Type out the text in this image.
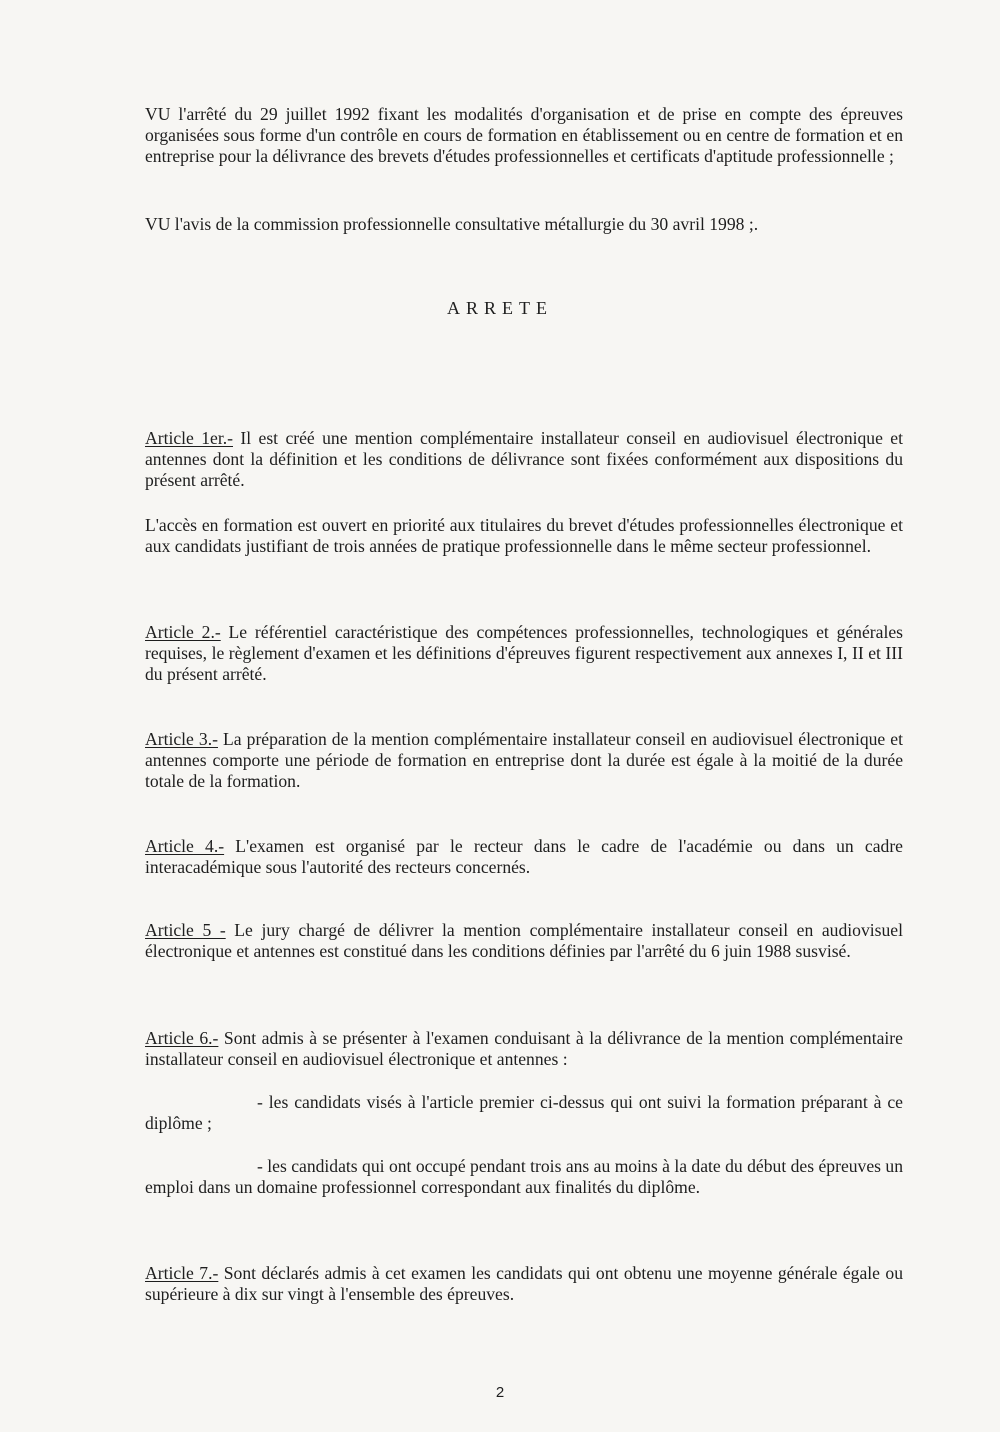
VU l'arrêté du 29 juillet 1992 fixant les modalités d'organisation et de prise en compte des épreuves organisées sous forme d'un contrôle en cours de formation en établissement ou en centre de formation et en entreprise pour la délivrance des brevets d'études professionnelles et certificats d'aptitude professionnelle ;

VU l'avis de la commission professionnelle consultative métallurgie du 30 avril 1998 ;.

ARRETE

Article 1er.- Il est créé une mention complémentaire installateur conseil en audiovisuel électronique et antennes dont la définition et les conditions de délivrance sont fixées conformément aux dispositions du présent arrêté.

L'accès en formation est ouvert en priorité aux titulaires du brevet d'études professionnelles électronique et aux candidats justifiant de trois années de pratique professionnelle dans le même secteur professionnel.

Article 2.- Le référentiel caractéristique des compétences professionnelles, technologiques et générales requises, le règlement d'examen et les définitions d'épreuves figurent respectivement aux annexes I, II et III du présent arrêté.

Article 3.- La préparation de la mention complémentaire installateur conseil en audiovisuel électronique et antennes comporte une période de formation en entreprise dont la durée est égale à la moitié de la durée totale de la formation.

Article 4.- L'examen est organisé par le recteur dans le cadre de l'académie ou dans un cadre interacadémique sous l'autorité des recteurs concernés.

Article 5 - Le jury chargé de délivrer la mention complémentaire installateur conseil en audiovisuel électronique et antennes est constitué dans les conditions définies par l'arrêté du 6 juin 1988 susvisé.

Article 6.- Sont admis à se présenter à l'examen conduisant à la délivrance de la mention complémentaire installateur conseil en audiovisuel électronique et antennes :

- les candidats visés à l'article premier ci-dessus qui ont suivi la formation préparant à ce diplôme ;

- les candidats qui ont occupé pendant trois ans au moins à la date du début des épreuves un emploi dans un domaine professionnel correspondant aux finalités du diplôme.

Article 7.- Sont déclarés admis à cet examen les candidats qui ont obtenu une moyenne générale égale ou supérieure à dix sur vingt à l'ensemble des épreuves.

2
